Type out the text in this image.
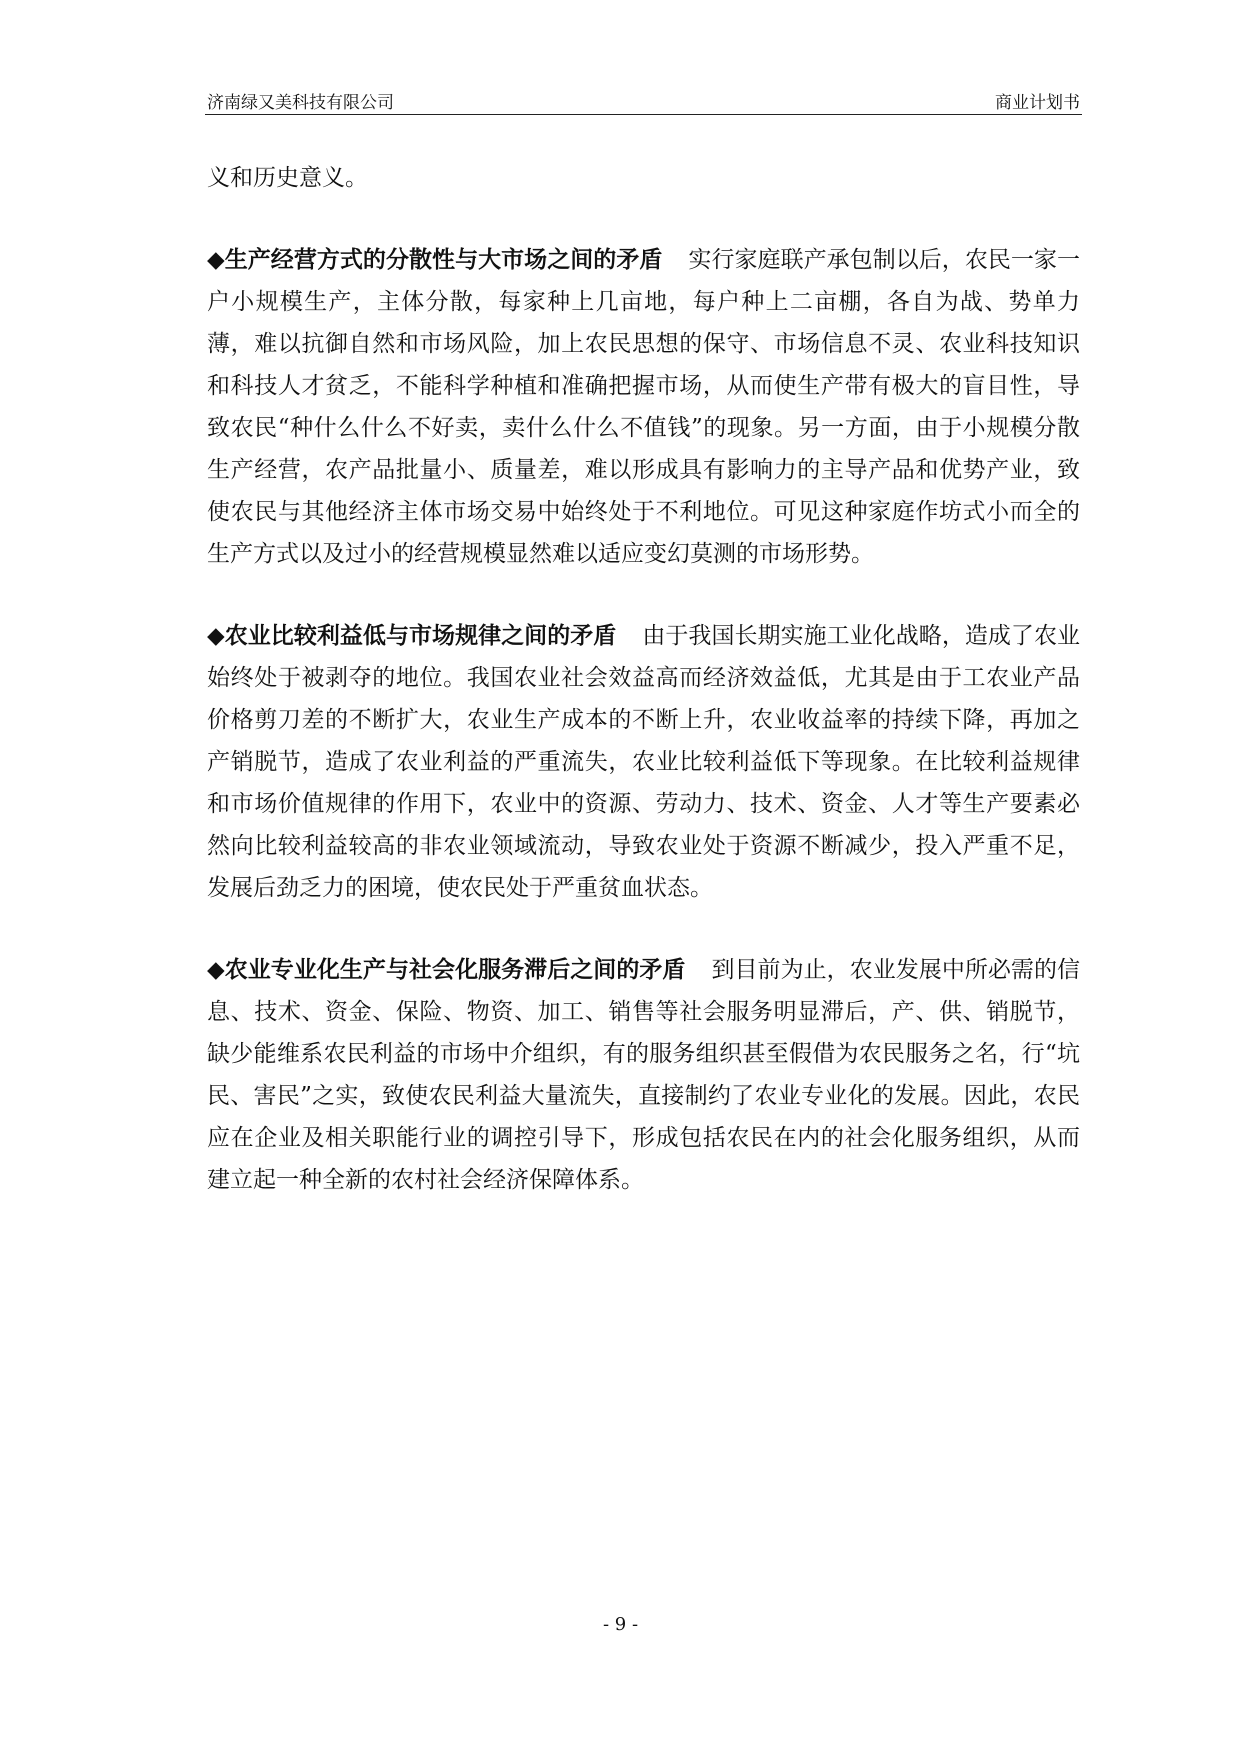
济南绿又美科技有限公司	商业计划书

义和历史意义。

◆生产经营方式的分散性与大市场之间的矛盾 实行家庭联产承包制以后，农民一家一户小规模生产，主体分散，每家种上几亩地，每户种上二亩棚，各自为战、势单力薄，难以抗御自然和市场风险，加上农民思想的保守、市场信息不灵、农业科技知识和科技人才贫乏，不能科学种植和准确把握市场，从而使生产带有极大的盲目性，导致农民“种什么什么不好卖，卖什么什么不值钱”的现象。另一方面，由于小规模分散生产经营，农产品批量小、质量差，难以形成具有影响力的主导产品和优势产业，致使农民与其他经济主体市场交易中始终处于不利地位。可见这种家庭作坊式小而全的生产方式以及过小的经营规模显然难以适应变幻莫测的市场形势。

◆农业比较利益低与市场规律之间的矛盾 由于我国长期实施工业化战略，造成了农业始终处于被剥夺的地位。我国农业社会效益高而经济效益低，尤其是由于工农业产品价格剪刀差的不断扩大，农业生产成本的不断上升，农业收益率的持续下降，再加之产销脱节，造成了农业利益的严重流失，农业比较利益低下等现象。在比较利益规律和市场价值规律的作用下，农业中的资源、劳动力、技术、资金、人才等生产要素必然向比较利益较高的非农业领域流动，导致农业处于资源不断减少，投入严重不足，发展后劲乏力的困境，使农民处于严重贫血状态。

◆农业专业化生产与社会化服务滞后之间的矛盾 到目前为止，农业发展中所必需的信息、技术、资金、保险、物资、加工、销售等社会服务明显滞后，产、供、销脱节，缺少能维系农民利益的市场中介组织，有的服务组织甚至假借为农民服务之名，行“坑民、害民”之实，致使农民利益大量流失，直接制约了农业专业化的发展。因此，农民应在企业及相关职能行业的调控引导下，形成包括农民在内的社会化服务组织，从而建立起一种全新的农村社会经济保障体系。

- 9 -
